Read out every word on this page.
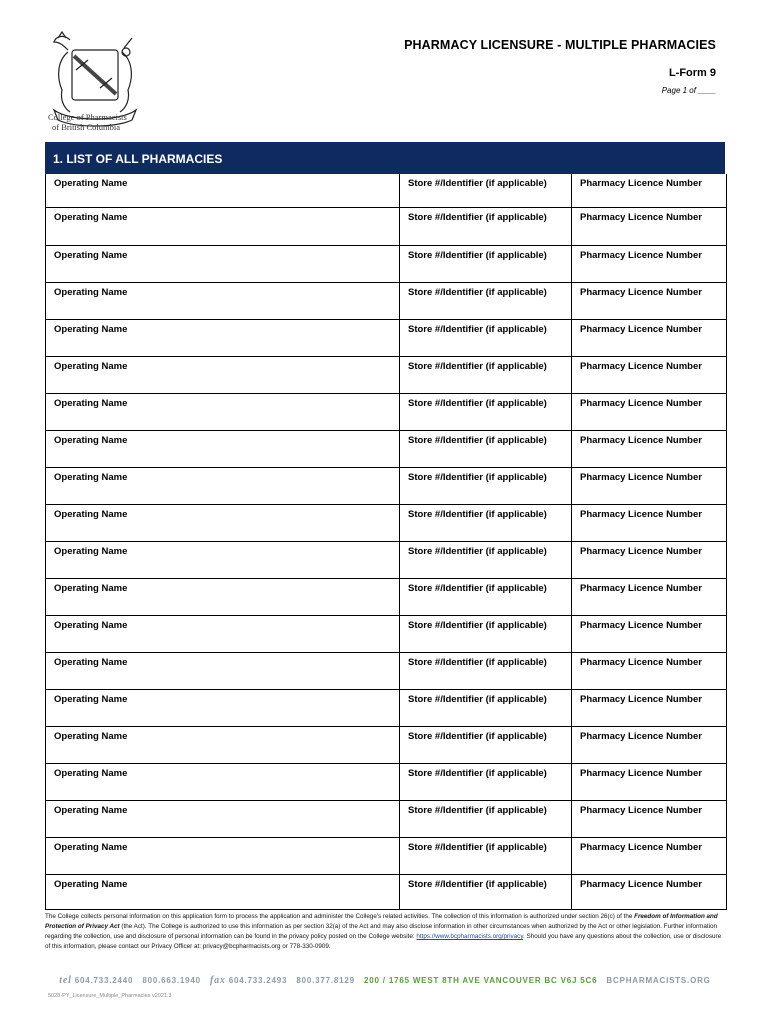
College of Pharmacists
of British Columbia
PHARMACY LICENSURE - MULTIPLE PHARMACIES
L-Form 9
Page 1 of ____
1. LIST OF ALL PHARMACIES
Operating Name	Store #/Identifier (if applicable)	Pharmacy Licence Number
Operating Name	Store #/Identifier (if applicable)	Pharmacy Licence Number
Operating Name	Store #/Identifier (if applicable)	Pharmacy Licence Number
Operating Name	Store #/Identifier (if applicable)	Pharmacy Licence Number
Operating Name	Store #/Identifier (if applicable)	Pharmacy Licence Number
Operating Name	Store #/Identifier (if applicable)	Pharmacy Licence Number
Operating Name	Store #/Identifier (if applicable)	Pharmacy Licence Number
Operating Name	Store #/Identifier (if applicable)	Pharmacy Licence Number
Operating Name	Store #/Identifier (if applicable)	Pharmacy Licence Number
Operating Name	Store #/Identifier (if applicable)	Pharmacy Licence Number
Operating Name	Store #/Identifier (if applicable)	Pharmacy Licence Number
Operating Name	Store #/Identifier (if applicable)	Pharmacy Licence Number
Operating Name	Store #/Identifier (if applicable)	Pharmacy Licence Number
Operating Name	Store #/Identifier (if applicable)	Pharmacy Licence Number
Operating Name	Store #/Identifier (if applicable)	Pharmacy Licence Number
Operating Name	Store #/Identifier (if applicable)	Pharmacy Licence Number
Operating Name	Store #/Identifier (if applicable)	Pharmacy Licence Number
Operating Name	Store #/Identifier (if applicable)	Pharmacy Licence Number
Operating Name	Store #/Identifier (if applicable)	Pharmacy Licence Number
Operating Name	Store #/Identifier (if applicable)	Pharmacy Licence Number
The College collects personal information on this application form to process the application and administer the College's related activities. The collection of this information is authorized under section 26(c) of the Freedom of Information and Protection of Privacy Act (the Act). The College is authorized to use this information as per section 32(a) of the Act and may also disclose information in other circumstances when authorized by the Act or other legislation. Further information regarding the collection, use and disclosure of personal information can be found in the privacy policy posted on the College website: https://www.bcpharmacists.org/privacy. Should you have any questions about the collection, use or disclosure of this information, please contact our Privacy Officer at: privacy@bcpharmacists.org or 778-330-0909.
tel 604.733.2440 800.663.1940 fax 604.733.2493 800.377.8129 200 / 1765 WEST 8TH AVE VANCOUVER BC V6J 5C6 BCPHARMACISTS.ORG
5028-PY_Licensure_Multiple_Pharmacies v2021.3
